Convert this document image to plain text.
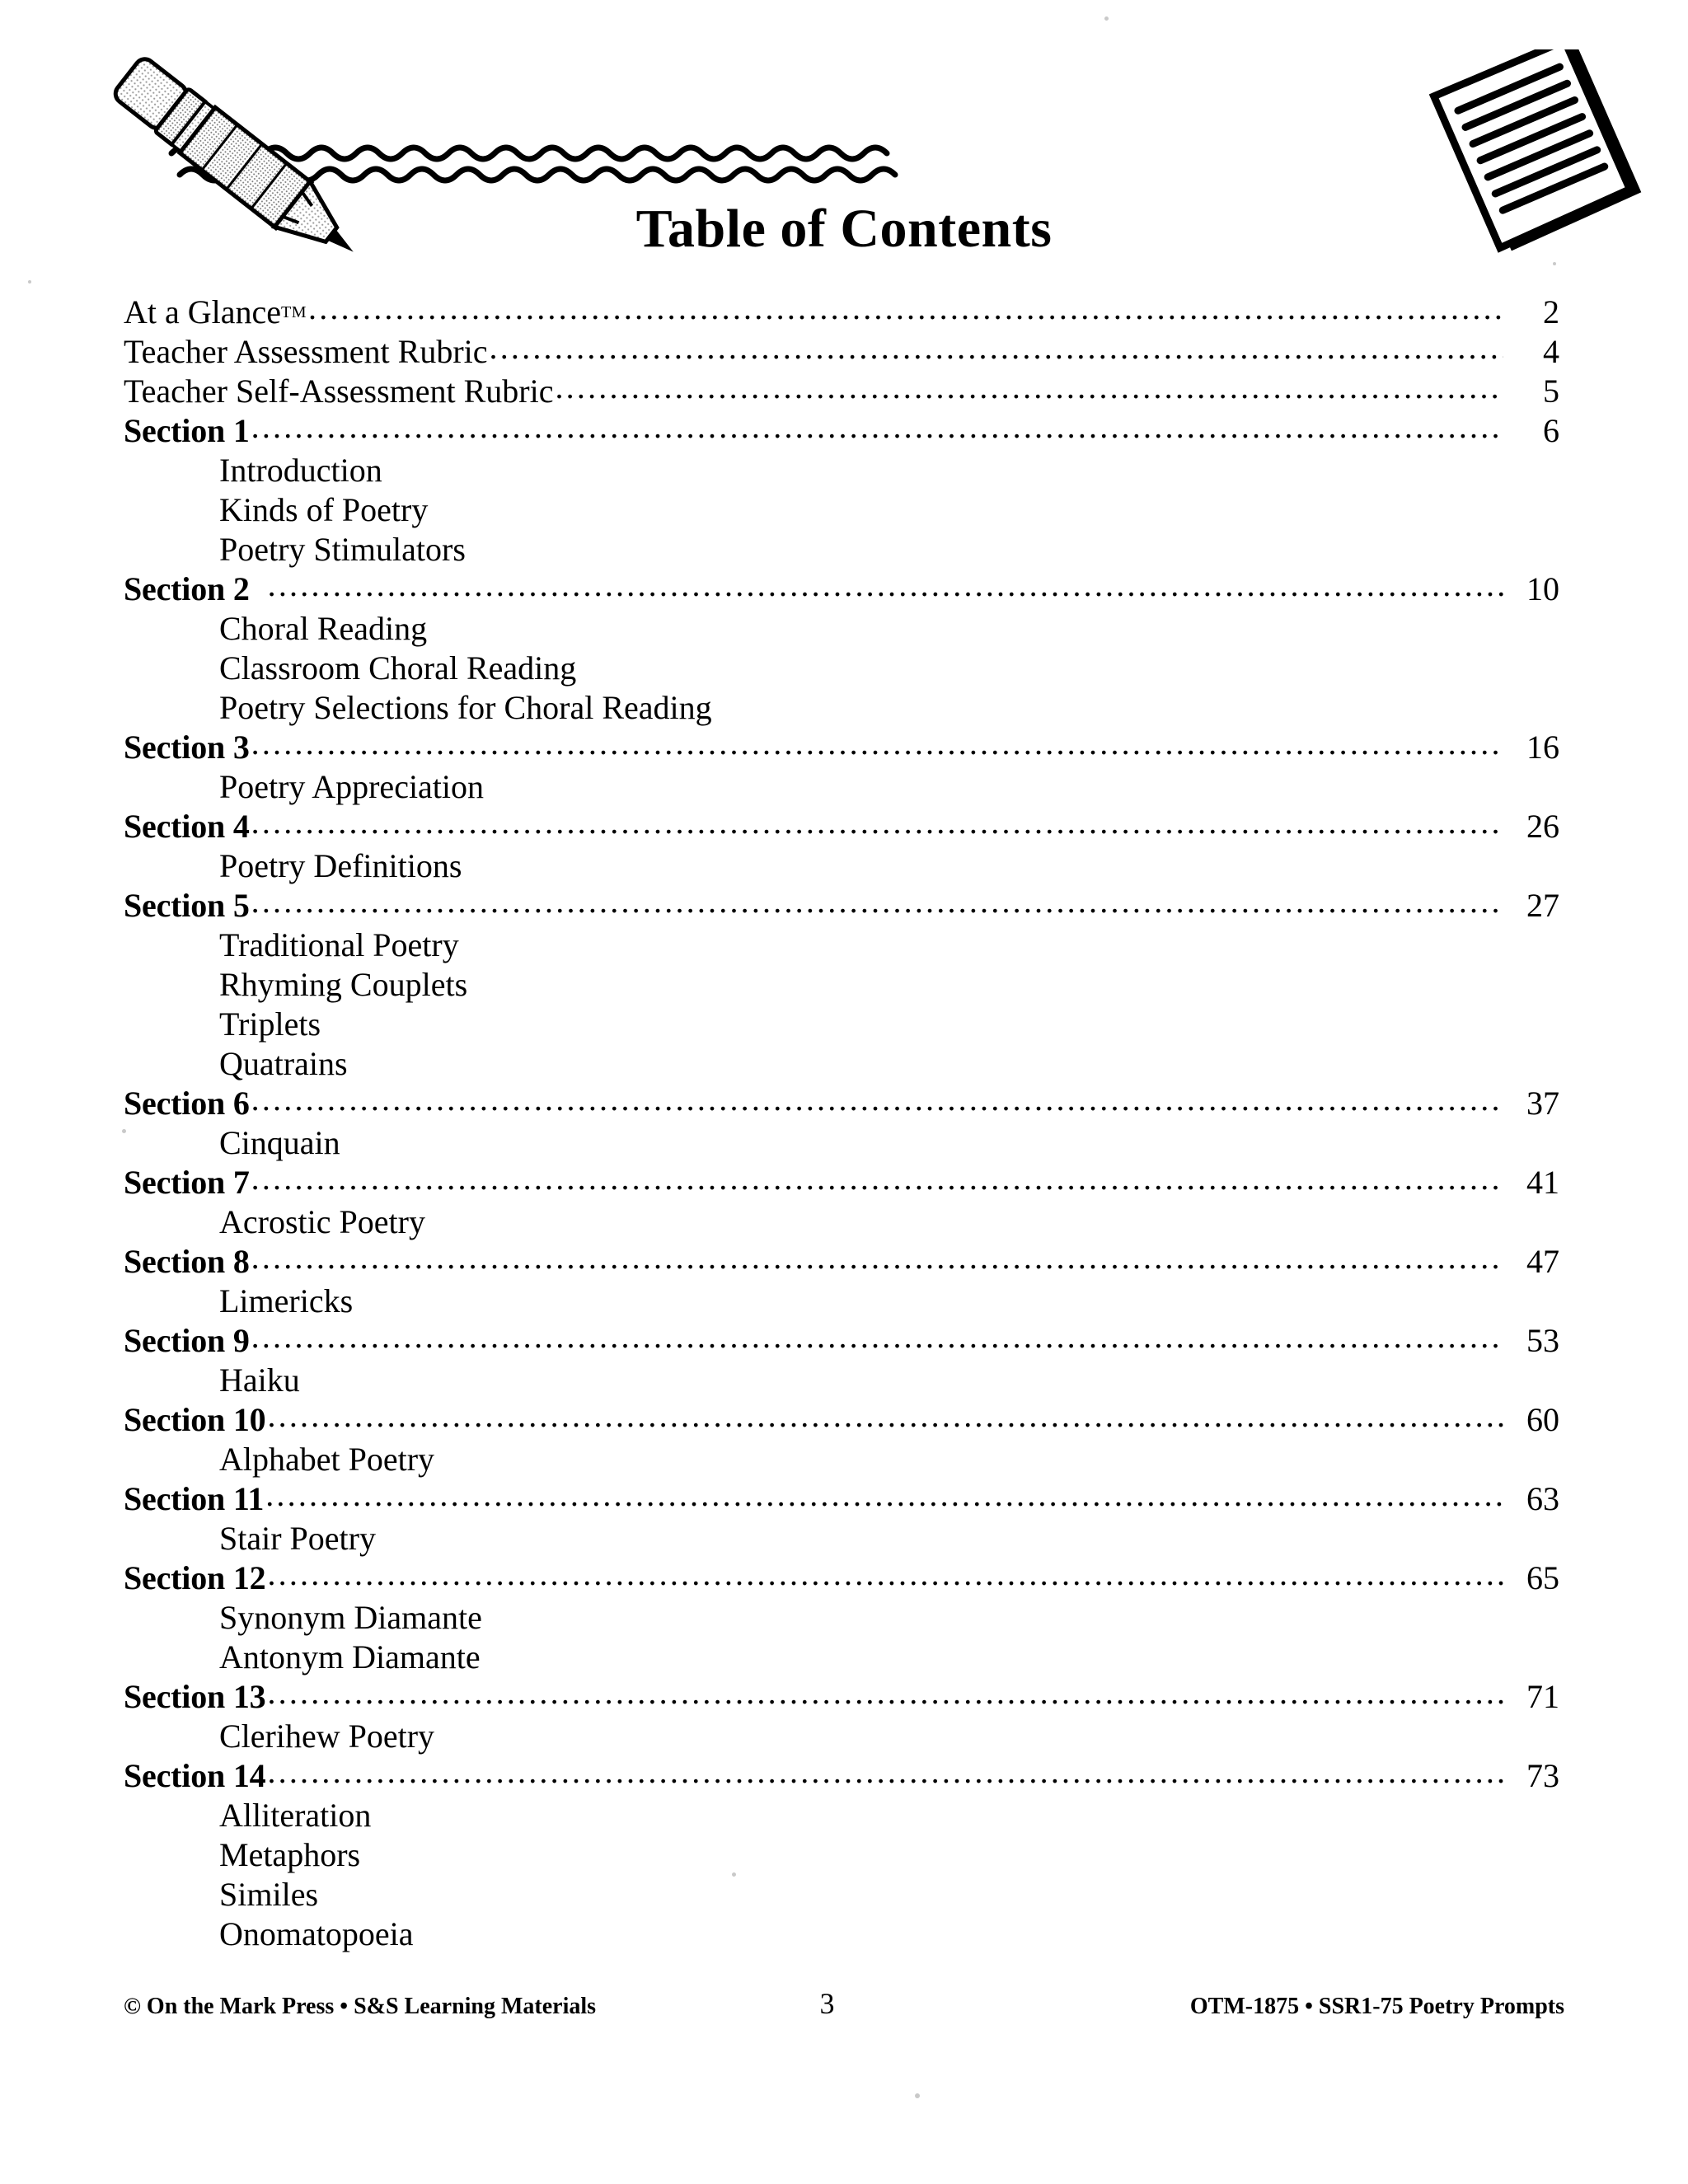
Table of Contents
At a Glance TM .....	2
Teacher Assessment Rubric .....	4
Teacher Self-Assessment Rubric .....	5
Section 1 .....	6
Introduction
Kinds of Poetry
Poetry Stimulators
Section 2 .....	10
Choral Reading
Classroom Choral Reading
Poetry Selections for Choral Reading
Section 3 .....	16
Poetry Appreciation
Section 4 .....	26
Poetry Definitions
Section 5 .....	27
Traditional Poetry
Rhyming Couplets
Triplets
Quatrains
Section 6 .....	37
Cinquain
Section 7 .....	41
Acrostic Poetry
Section 8 .....	47
Limericks
Section 9 .....	53
Haiku
Section 10 .....	60
Alphabet Poetry
Section 11 .....	63
Stair Poetry
Section 12 .....	65
Synonym Diamante
Antonym Diamante
Section 13 .....	71
Clerihew Poetry
Section 14 .....	73
Alliteration
Metaphors
Similes
Onomatopoeia
© On the Mark Press • S&S Learning Materials	3	OTM-1875 • SSR1-75 Poetry Prompts
